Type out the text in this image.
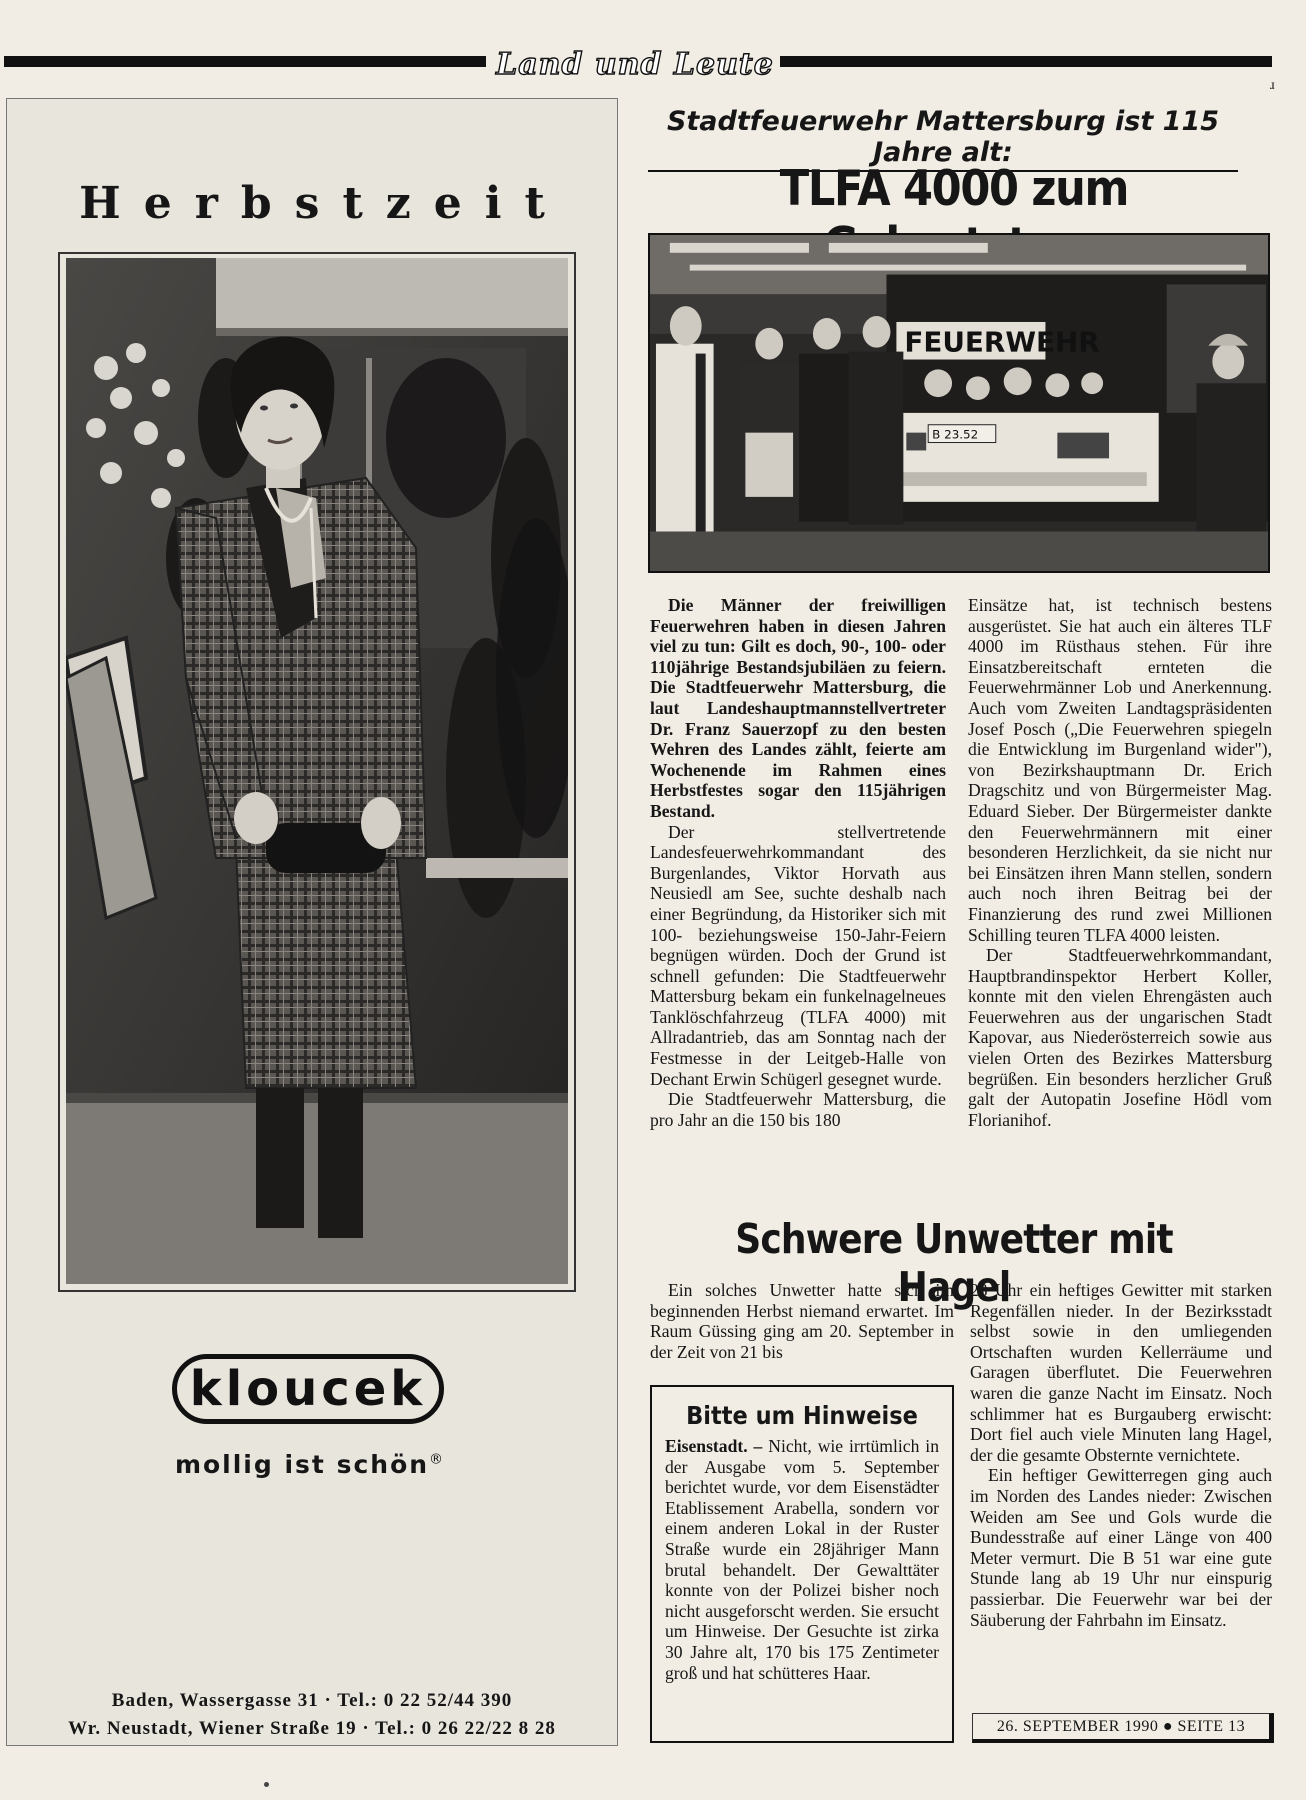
Land und Leute
ɹ
Herbstzeit
kloucek
mollig ist schön®
Baden, Wassergasse 31 · Tel.: 0 22 52/44 390
Wr. Neustadt, Wiener Straße 19 · Tel.: 0 26 22/22 8 28
Stadtfeuerwehr Mattersburg ist 115 Jahre alt:
TLFA 4000 zum
FEUERWEHR
B 23.52

Die Männer der freiwilligen Feuerwehren haben in diesen Jahren viel zu tun: Gilt es doch, 90-, 100- oder 110jährige Bestandsjubiläen zu feiern. Die Stadtfeuerwehr Mattersburg, die laut Landeshauptmannstellvertreter Dr. Franz Sauerzopf zu den besten Wehren des Landes zählt, feierte am Wochenende im Rahmen eines Herbstfestes sogar den 115jährigen Bestand.

Der stellvertretende Landesfeuerwehrkommandant des Burgenlandes, Viktor Horvath aus Neusiedl am See, suchte deshalb nach einer Begründung, da Historiker sich mit 100- beziehungsweise 150-Jahr-Feiern begnügen würden. Doch der Grund ist schnell gefunden: Die Stadtfeuerwehr Mattersburg bekam ein funkelnagelneues Tanklöschfahrzeug (TLFA 4000) mit Allradantrieb, das am Sonntag nach der Festmesse in der Leitgeb-Halle von Dechant Erwin Schügerl gesegnet wurde.

Die Stadtfeuerwehr Mattersburg, die pro Jahr an die 150 bis 180

Einsätze hat, ist technisch bestens ausgerüstet. Sie hat auch ein älteres TLF 4000 im Rüsthaus stehen. Für ihre Einsatzbereitschaft ernteten die Feuerwehrmänner Lob und Anerkennung. Auch vom Zweiten Landtagspräsidenten Josef Posch („Die Feuerwehren spiegeln die Entwicklung im Burgenland wider"), von Bezirkshauptmann Dr. Erich Dragschitz und von Bürgermeister Mag. Eduard Sieber. Der Bürgermeister dankte den Feuerwehrmännern mit einer besonderen Herzlichkeit, da sie nicht nur bei Einsätzen ihren Mann stellen, sondern auch noch ihren Beitrag bei der Finanzierung des rund zwei Millionen Schilling teuren TLFA 4000 leisten.

Der Stadtfeuerwehrkommandant, Hauptbrandinspektor Herbert Koller, konnte mit den vielen Ehrengästen auch Feuerwehren aus der ungarischen Stadt Kapovar, aus Niederösterreich sowie aus vielen Orten des Bezirkes Mattersburg begrüßen. Ein besonders herzlicher Gruß galt der Autopatin Josefine Hödl vom Florianihof.

Schwere Unwetter mit Hagel

Ein solches Unwetter hatte sich im beginnenden Herbst niemand erwartet. Im Raum Güssing ging am 20. September in der Zeit von 21 bis

23 Uhr ein heftiges Gewitter mit starken Regenfällen nieder. In der Bezirksstadt selbst sowie in den umliegenden Ortschaften wurden Kellerräume und Garagen überflutet. Die Feuerwehren waren die ganze Nacht im Einsatz. Noch schlimmer hat es Burgauberg erwischt: Dort fiel auch viele Minuten lang Hagel, der die gesamte Obsternte vernichtete.

Ein heftiger Gewitterregen ging auch im Norden des Landes nieder: Zwischen Weiden am See und Gols wurde die Bundesstraße auf einer Länge von 400 Meter vermurt. Die B 51 war eine gute Stunde lang ab 19 Uhr nur einspurig passierbar. Die Feuerwehr war bei der Säuberung der Fahrbahn im Einsatz.

Bitte um Hinweise
Eisenstadt. – Nicht, wie irrtümlich in der Ausgabe vom 5. September berichtet wurde, vor dem Eisenstädter Etablissement Arabella, sondern vor einem anderen Lokal in der Ruster Straße wurde ein 28jähriger Mann brutal behandelt. Der Gewalttäter konnte von der Polizei bisher noch nicht ausgeforscht werden. Sie ersucht um Hinweise. Der Gesuchte ist zirka 30 Jahre alt, 170 bis 175 Zentimeter groß und hat schütteres Haar.
26. SEPTEMBER 1990 ● SEITE 13
